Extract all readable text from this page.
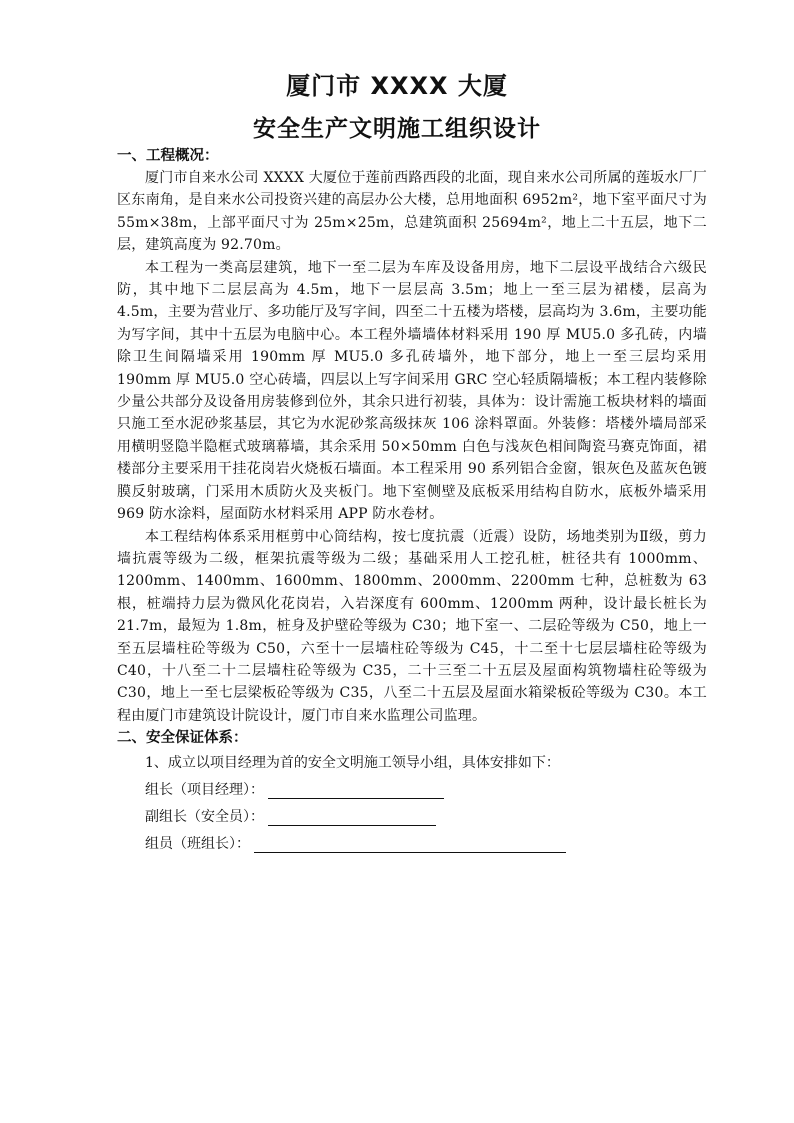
厦门市 XXXX 大厦
安全生产文明施工组织设计
一、工程概况：

厦门市自来水公司 XXXX 大厦位于莲前西路西段的北面，现自来水公司所属的莲坂水厂厂区东南角，是自来水公司投资兴建的高层办公大楼，总用地面积 6952m²，地下室平面尺寸为 55m×38m，上部平面尺寸为 25m×25m，总建筑面积 25694m²，地上二十五层，地下二层，建筑高度为 92.70m。

本工程为一类高层建筑，地下一至二层为车库及设备用房，地下二层设平战结合六级民防，其中地下二层层高为 4.5m，地下一层层高 3.5m；地上一至三层为裙楼，层高为 4.5m，主要为营业厅、多功能厅及写字间，四至二十五楼为塔楼，层高均为 3.6m，主要功能为写字间，其中十五层为电脑中心。本工程外墙墙体材料采用 190 厚 MU5.0 多孔砖，内墙除卫生间隔墙采用 190mm 厚 MU5.0 多孔砖墙外，地下部分，地上一至三层均采用 190mm 厚 MU5.0 空心砖墙，四层以上写字间采用 GRC 空心轻质隔墙板；本工程内装修除少量公共部分及设备用房装修到位外，其余只进行初装，具体为：设计需施工板块材料的墙面只施工至水泥砂浆基层，其它为水泥砂浆高级抹灰 106 涂料罩面。外装修：塔楼外墙局部采用横明竖隐半隐框式玻璃幕墙，其余采用 50×50mm 白色与浅灰色相间陶瓷马赛克饰面，裙楼部分主要采用干挂花岗岩火烧板石墙面。本工程采用 90 系列铝合金窗，银灰色及蓝灰色镀膜反射玻璃，门采用木质防火及夹板门。地下室侧壁及底板采用结构自防水，底板外墙采用 969 防水涂料，屋面防水材料采用 APP 防水卷材。

本工程结构体系采用框剪中心筒结构，按七度抗震（近震）设防，场地类别为Ⅱ级，剪力墙抗震等级为二级，框架抗震等级为二级；基础采用人工挖孔桩，桩径共有 1000mm、1200mm、1400mm、1600mm、1800mm、2000mm、2200mm 七种，总桩数为 63 根，桩端持力层为微风化花岗岩，入岩深度有 600mm、1200mm 两种，设计最长桩长为 21.7m，最短为 1.8m，桩身及护壁砼等级为 C30；地下室一、二层砼等级为 C50，地上一至五层墙柱砼等级为 C50，六至十一层墙柱砼等级为 C45，十二至十七层层墙柱砼等级为 C40，十八至二十二层墙柱砼等级为 C35，二十三至二十五层及屋面构筑物墙柱砼等级为 C30，地上一至七层梁板砼等级为 C35，八至二十五层及屋面水箱梁板砼等级为 C30。本工程由厦门市建筑设计院设计，厦门市自来水监理公司监理。

二、安全保证体系：

1、成立以项目经理为首的安全文明施工领导小组，具体安排如下：

组长（项目经理）：
副组长（安全员）：
组员（班组长）：
